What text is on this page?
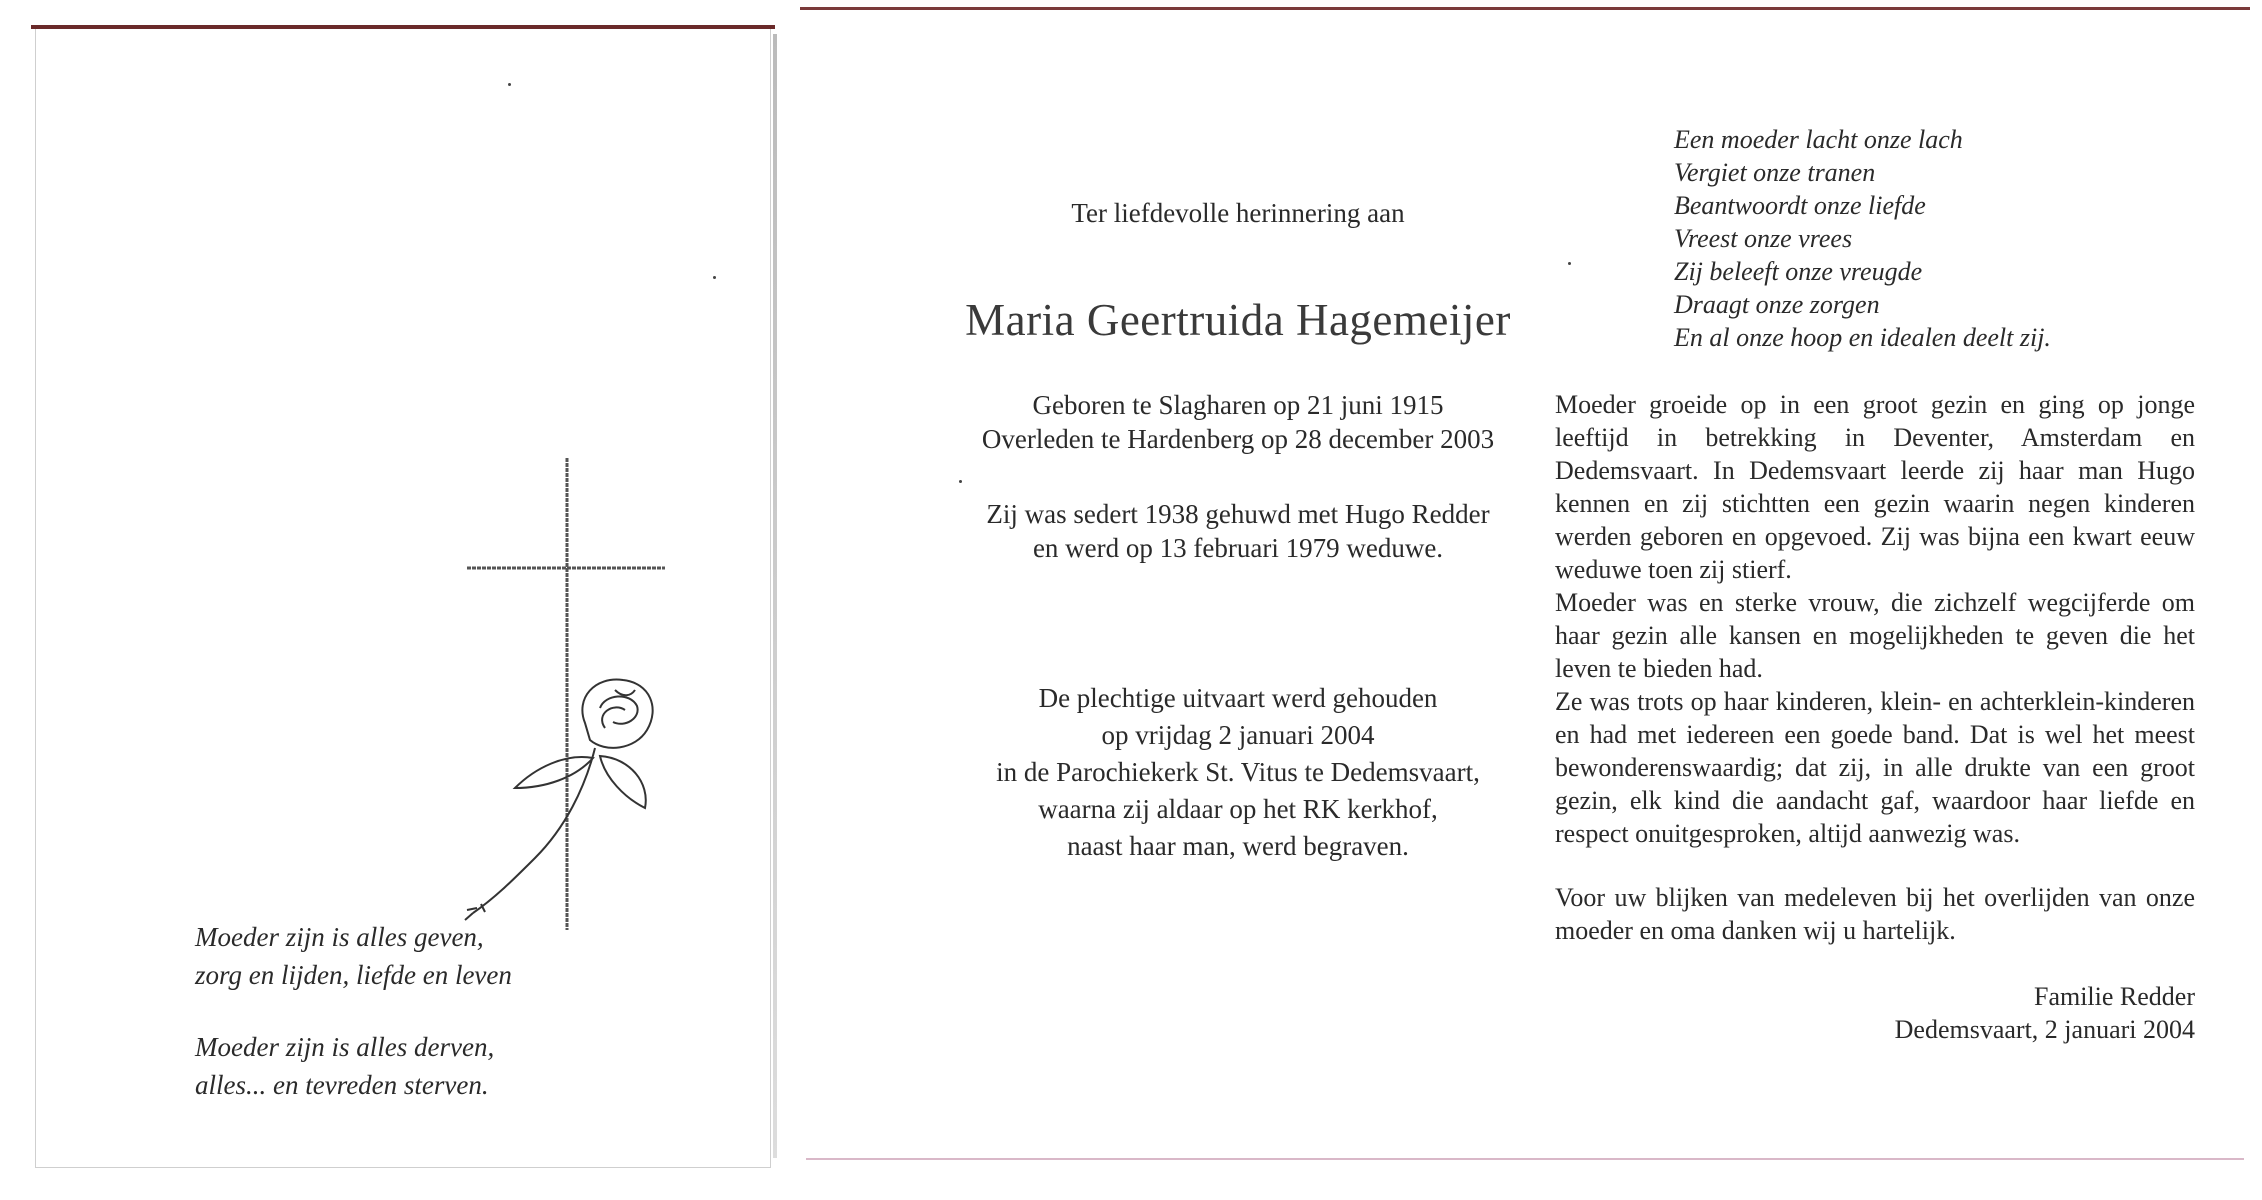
Moeder zijn is alles geven,
zorg en lijden, liefde en leven
Moeder zijn is alles derven,
alles... en tevreden sterven.
Ter liefdevolle herinnering aan
Maria Geertruida Hagemeijer
Geboren te Slagharen op 21 juni 1915
Overleden te Hardenberg op 28 december 2003
Zij was sedert 1938 gehuwd met Hugo Redder
en werd op 13 februari 1979 weduwe.
De plechtige uitvaart werd gehouden
op vrijdag 2 januari 2004
in de Parochiekerk St. Vitus te Dedemsvaart,
waarna zij aldaar op het RK kerkhof,
naast haar man, werd begraven.
Een moeder lacht onze lach
Vergiet onze tranen
Beantwoordt onze liefde
Vreest onze vrees
Zij beleeft onze vreugde
Draagt onze zorgen
En al onze hoop en idealen deelt zij.

Moeder groeide op in een groot gezin en ging op jonge leeftijd in betrekking in Deventer, Amsterdam en Dedemsvaart. In Dedemsvaart leerde zij haar man Hugo kennen en zij stichtten een gezin waarin negen kinderen werden geboren en opgevoed. Zij was bijna een kwart eeuw weduwe toen zij stierf.

Moeder was en sterke vrouw, die zichzelf wegcijferde om haar gezin alle kansen en mogelijkheden te geven die het leven te bieden had.

Ze was trots op haar kinderen, klein- en achterklein-kinderen en had met iedereen een goede band. Dat is wel het meest bewonderenswaardig; dat zij, in alle drukte van een groot gezin, elk kind die aandacht gaf, waardoor haar liefde en respect onuitgesproken, altijd aanwezig was.

Voor uw blijken van medeleven bij het overlijden van onze moeder en oma danken wij u hartelijk.
Familie Redder
Dedemsvaart, 2 januari 2004
